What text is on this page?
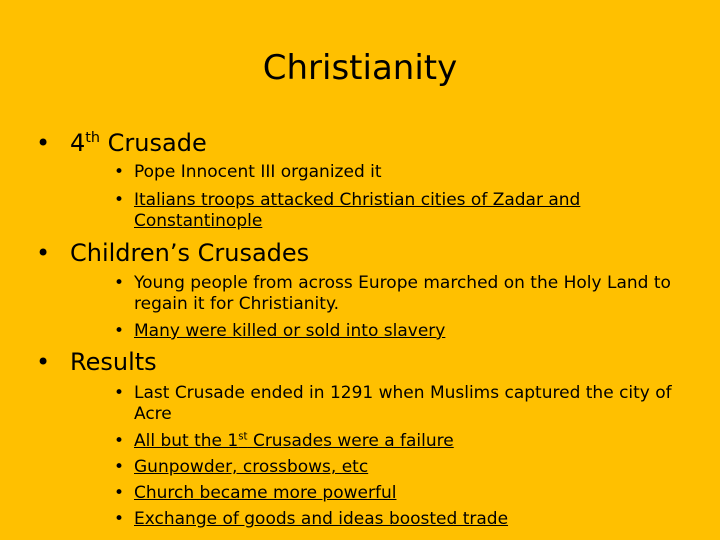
Christianity
• 4th Crusade
• Pope Innocent III organized it
• Italians troops attacked Christian cities of Zadar and Constantinople
• Children’s Crusades
• Young people from across Europe marched on the Holy Land to regain it for Christianity.
• Many were killed or sold into slavery
• Results
• Last Crusade ended in 1291 when Muslims captured the city of Acre
• All but the 1st Crusades were a failure
• Gunpowder, crossbows, etc
• Church became more powerful
• Exchange of goods and ideas boosted trade
